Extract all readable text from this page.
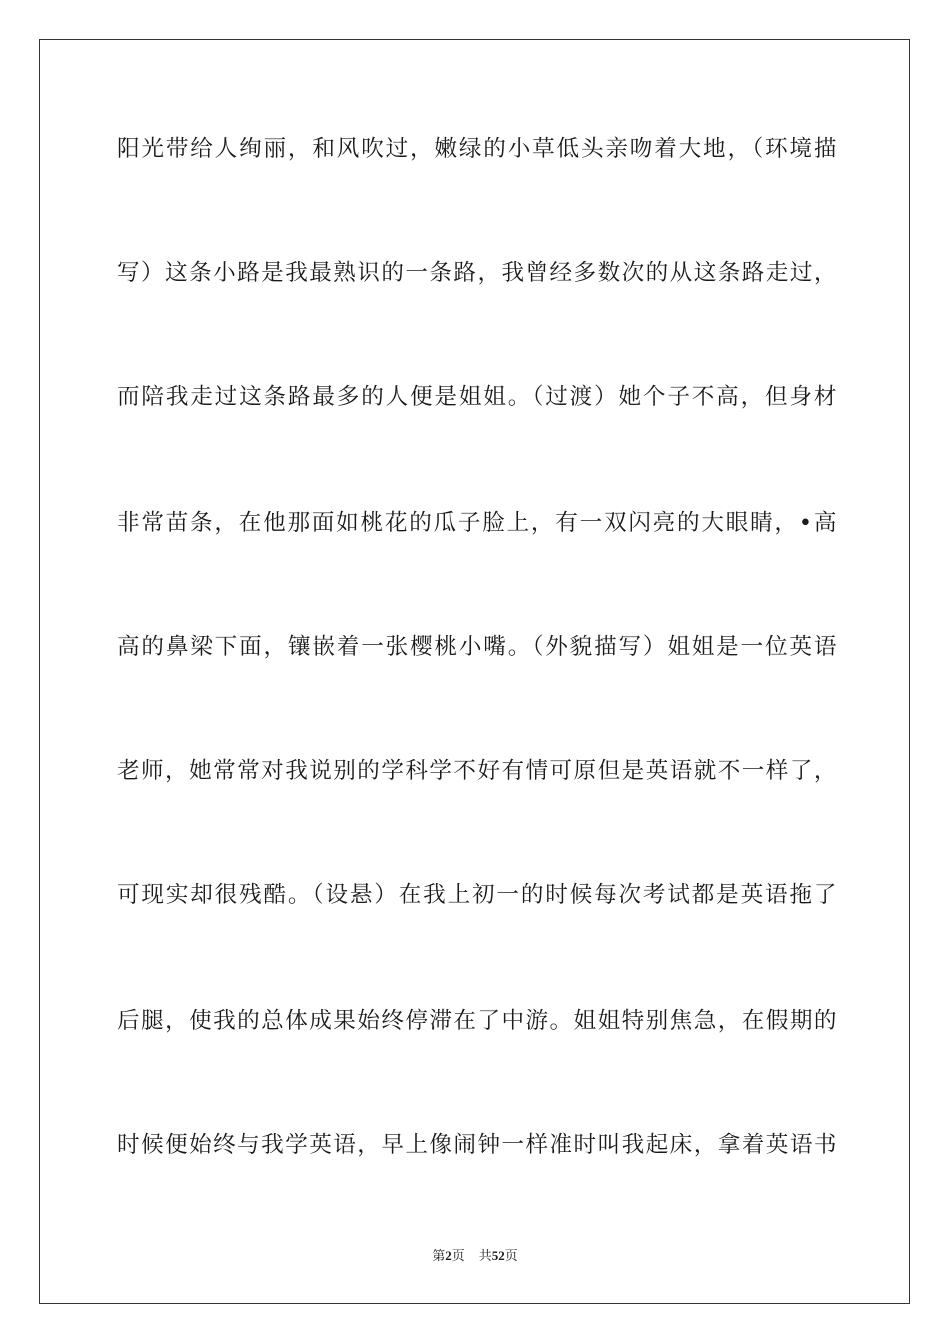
阳光带给人绚丽，和风吹过，嫩绿的小草低头亲吻着大地，（环境描
写）这条小路是我最熟识的一条路，我曾经多数次的从这条路走过，
而陪我走过这条路最多的人便是姐姐。（过渡）她个子不高，但身材
非常苗条，在他那面如桃花的瓜子脸上，有一双闪亮的大眼睛，•高
高的鼻梁下面，镶嵌着一张樱桃小嘴。（外貌描写）姐姐是一位英语
老师，她常常对我说别的学科学不好有情可原但是英语就不一样了，
可现实却很残酷。（设悬）在我上初一的时候每次考试都是英语拖了
后腿，使我的总体成果始终停滞在了中游。姐姐特别焦急，在假期的
时候便始终与我学英语，早上像闹钟一样准时叫我起床，拿着英语书
第2页 共52页
